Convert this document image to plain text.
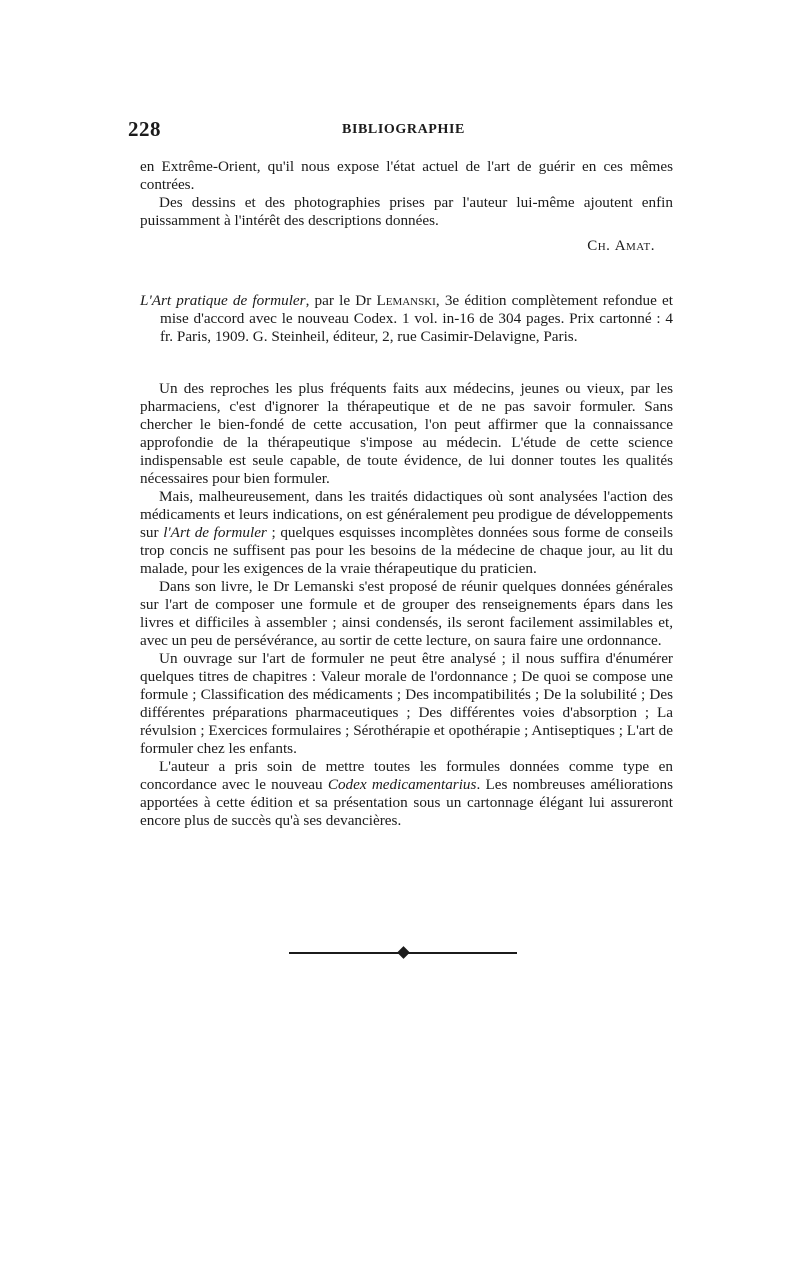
228	BIBLIOGRAPHIE

en Extrême-Orient, qu'il nous expose l'état actuel de l'art de guérir en ces mêmes contrées.

Des dessins et des photographies prises par l'auteur lui-même ajoutent enfin puissamment à l'intérêt des descriptions données.

Ch. Amat.

L'Art pratique de formuler, par le Dr Lemanski, 3e édition complètement refondue et mise d'accord avec le nouveau Codex. 1 vol. in-16 de 304 pages. Prix cartonné : 4 fr. Paris, 1909. G. Steinheil, éditeur, 2, rue Casimir-Delavigne, Paris.

Un des reproches les plus fréquents faits aux médecins, jeunes ou vieux, par les pharmaciens, c'est d'ignorer la thérapeutique et de ne pas savoir formuler. Sans chercher le bien-fondé de cette accusation, l'on peut affirmer que la connaissance approfondie de la thérapeutique s'impose au médecin. L'étude de cette science indispensable est seule capable, de toute évidence, de lui donner toutes les qualités nécessaires pour bien formuler.

Mais, malheureusement, dans les traités didactiques où sont analysées l'action des médicaments et leurs indications, on est généralement peu prodigue de développements sur l'Art de formuler ; quelques esquisses incomplètes données sous forme de conseils trop concis ne suffisent pas pour les besoins de la médecine de chaque jour, au lit du malade, pour les exigences de la vraie thérapeutique du praticien.

Dans son livre, le Dr Lemanski s'est proposé de réunir quelques données générales sur l'art de composer une formule et de grouper des renseignements épars dans les livres et difficiles à assembler ; ainsi condensés, ils seront facilement assimilables et, avec un peu de persévérance, au sortir de cette lecture, on saura faire une ordonnance.

Un ouvrage sur l'art de formuler ne peut être analysé ; il nous suffira d'énumérer quelques titres de chapitres : Valeur morale de l'ordonnance ; De quoi se compose une formule ; Classification des médicaments ; Des incompatibilités ; De la solubilité ; Des différentes préparations pharmaceutiques ; Des différentes voies d'absorption ; La révulsion ; Exercices formulaires ; Sérothérapie et opothérapie ; Antiseptiques ; L'art de formuler chez les enfants.

L'auteur a pris soin de mettre toutes les formules données comme type en concordance avec le nouveau Codex medicamentarius. Les nombreuses améliorations apportées à cette édition et sa présentation sous un cartonnage élégant lui assureront encore plus de succès qu'à ses devancières.
